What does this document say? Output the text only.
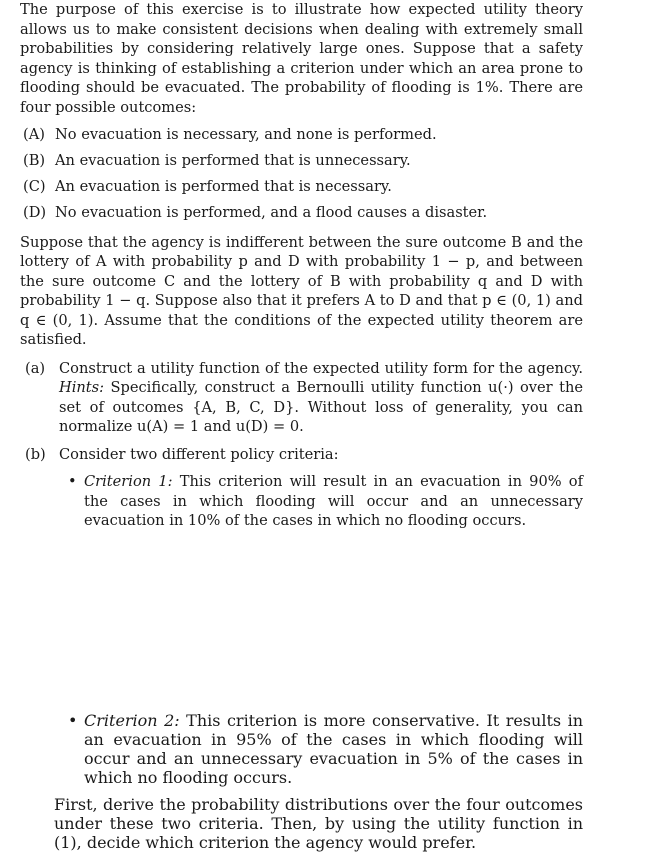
The purpose of this exercise is to illustrate how expected utility theory allows us to make consistent decisions when dealing with extremely small probabilities by considering relatively large ones. Suppose that a safety agency is thinking of establishing a criterion under which an area prone to flooding should be evacuated. The probability of flooding is 1%. There are four possible outcomes:

(A) No evacuation is necessary, and none is performed.
(B) An evacuation is performed that is unnecessary.
(C) An evacuation is performed that is necessary.
(D) No evacuation is performed, and a flood causes a disaster.

Suppose that the agency is indifferent between the sure outcome B and the lottery of A with probability p and D with probability 1 − p, and between the sure outcome C and the lottery of B with probability q and D with probability 1 − q. Suppose also that it prefers A to D and that p ∈ (0, 1) and q ∈ (0, 1). Assume that the conditions of the expected utility theorem are satisfied.

(a) Construct a utility function of the expected utility form for the agency. Hints: Specifically, construct a Bernoulli utility function u(·) over the set of outcomes {A, B, C, D}. Without loss of generality, you can normalize u(A) = 1 and u(D) = 0.
(b) Consider two different policy criteria:
• Criterion 1: This criterion will result in an evacuation in 90% of the cases in which flooding will occur and an unnecessary evacuation in 10% of the cases in which no flooding occurs.
• Criterion 2: This criterion is more conservative. It results in an evacuation in 95% of the cases in which flooding will occur and an unnecessary evacuation in 5% of the cases in which no flooding occurs.

First, derive the probability distributions over the four outcomes under these two criteria. Then, by using the utility function in (1), decide which criterion the agency would prefer.
